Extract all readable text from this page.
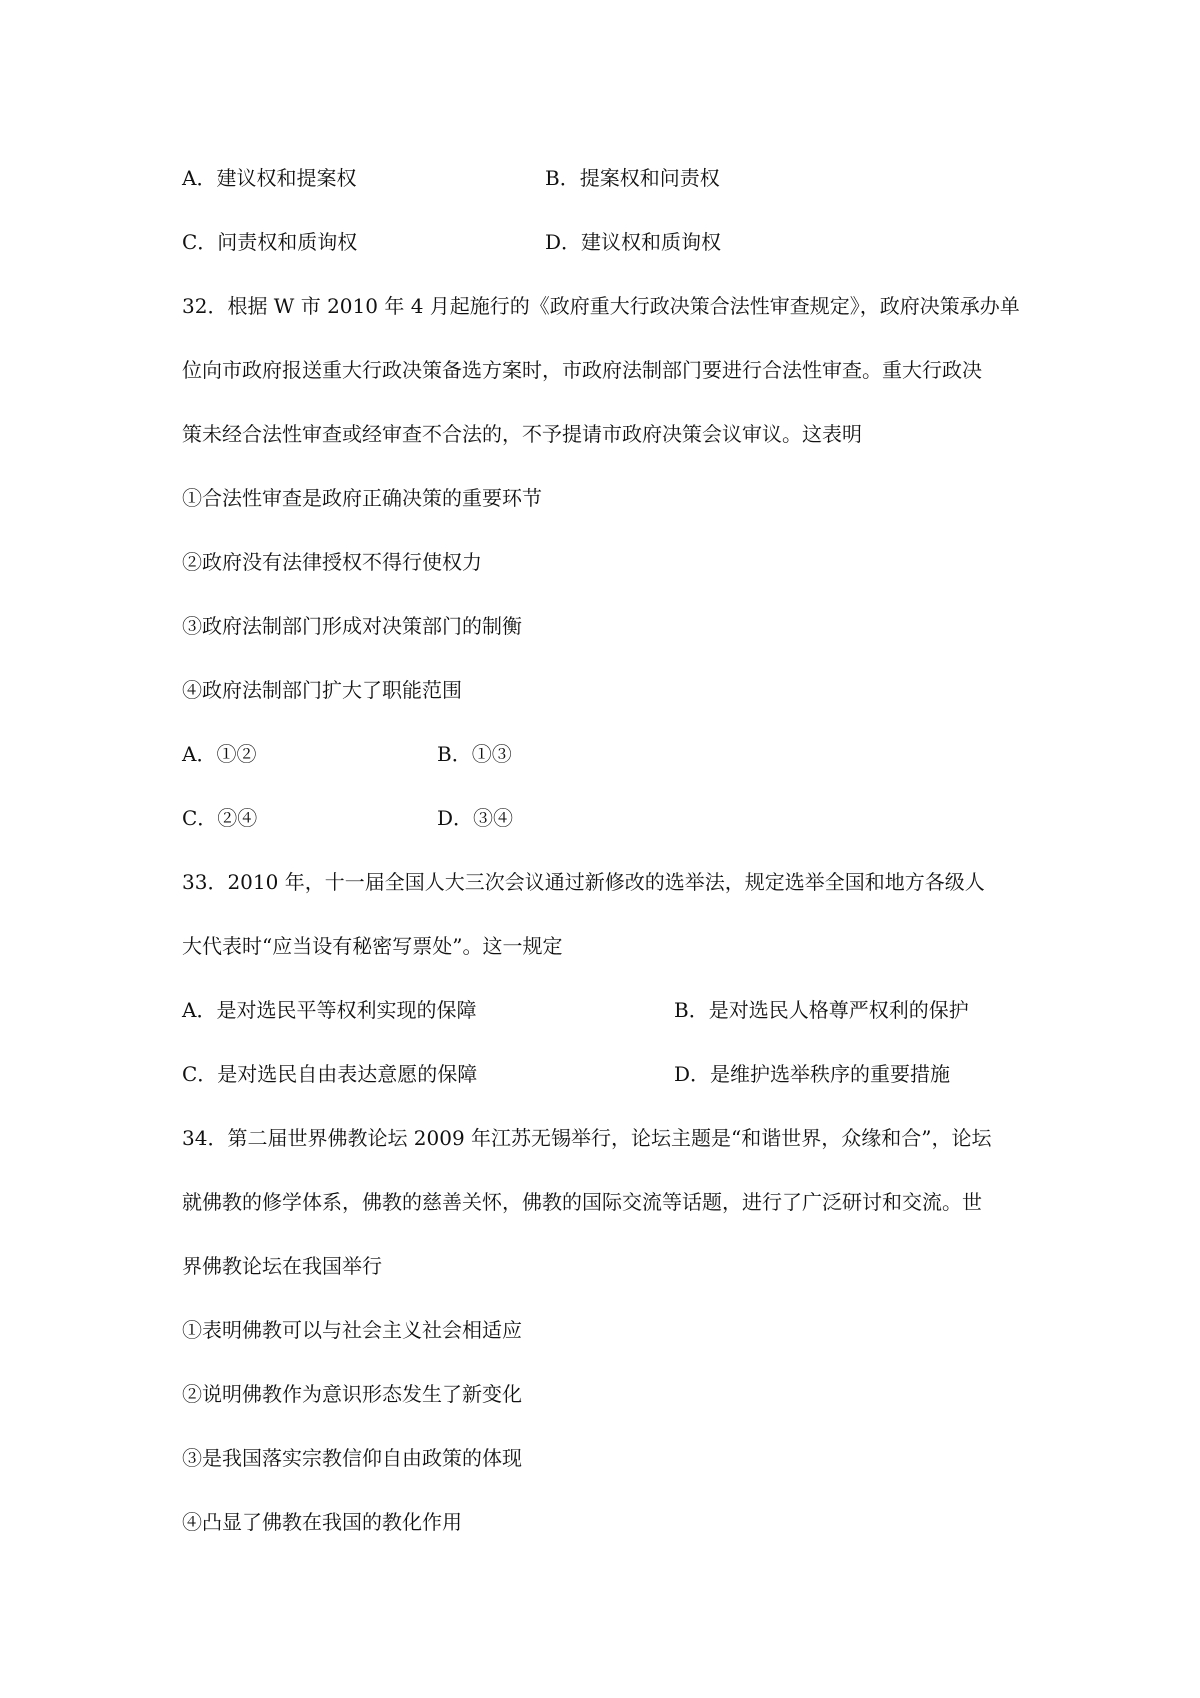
A．建议权和提案权	B．提案权和问责权
C．问责权和质询权	D．建议权和质询权
32．根据 W 市 2010 年 4 月起施行的《政府重大行政决策合法性审查规定》，政府决策承办单
位向市政府报送重大行政决策备选方案时，市政府法制部门要进行合法性审查。重大行政决
策未经合法性审查或经审查不合法的，不予提请市政府决策会议审议。这表明
①合法性审查是政府正确决策的重要环节
②政府没有法律授权不得行使权力
③政府法制部门形成对决策部门的制衡
④政府法制部门扩大了职能范围
A．①②	B．①③
C．②④	D．③④
33．2010 年，十一届全国人大三次会议通过新修改的选举法，规定选举全国和地方各级人
大代表时“应当设有秘密写票处”。这一规定
A．是对选民平等权利实现的保障	B．是对选民人格尊严权利的保护
C．是对选民自由表达意愿的保障	D．是维护选举秩序的重要措施
34．第二届世界佛教论坛 2009 年江苏无锡举行，论坛主题是“和谐世界，众缘和合”，论坛
就佛教的修学体系，佛教的慈善关怀，佛教的国际交流等话题，进行了广泛研讨和交流。世
界佛教论坛在我国举行
①表明佛教可以与社会主义社会相适应
②说明佛教作为意识形态发生了新变化
③是我国落实宗教信仰自由政策的体现
④凸显了佛教在我国的教化作用
